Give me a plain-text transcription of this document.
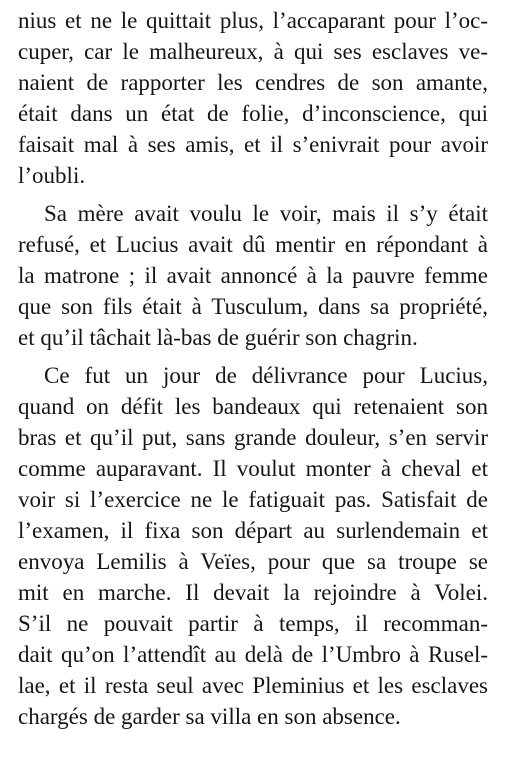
nius et ne le quittait plus, l’accaparant pour l’oc-
cuper, car le malheureux, à qui ses esclaves ve-
naient de rapporter les cendres de son amante,
était dans un état de folie, d’inconscience, qui
faisait mal à ses amis, et il s’enivrait pour avoir
l’oubli.
Sa mère avait voulu le voir, mais il s’y était
refusé, et Lucius avait dû mentir en répondant à
la matrone ; il avait annoncé à la pauvre femme
que son fils était à Tusculum, dans sa propriété,
et qu’il tâchait là-bas de guérir son chagrin.
Ce fut un jour de délivrance pour Lucius,
quand on défit les bandeaux qui retenaient son
bras et qu’il put, sans grande douleur, s’en servir
comme auparavant. Il voulut monter à cheval et
voir si l’exercice ne le fatiguait pas. Satisfait de
l’examen, il fixa son départ au surlendemain et
envoya Lemilis à Veïes, pour que sa troupe se
mit en marche. Il devait la rejoindre à Volei.
S’il ne pouvait partir à temps, il recomman-
dait qu’on l’attendît au delà de l’Umbro à Rusel-
lae, et il resta seul avec Pleminius et les esclaves
chargés de garder sa villa en son absence.
